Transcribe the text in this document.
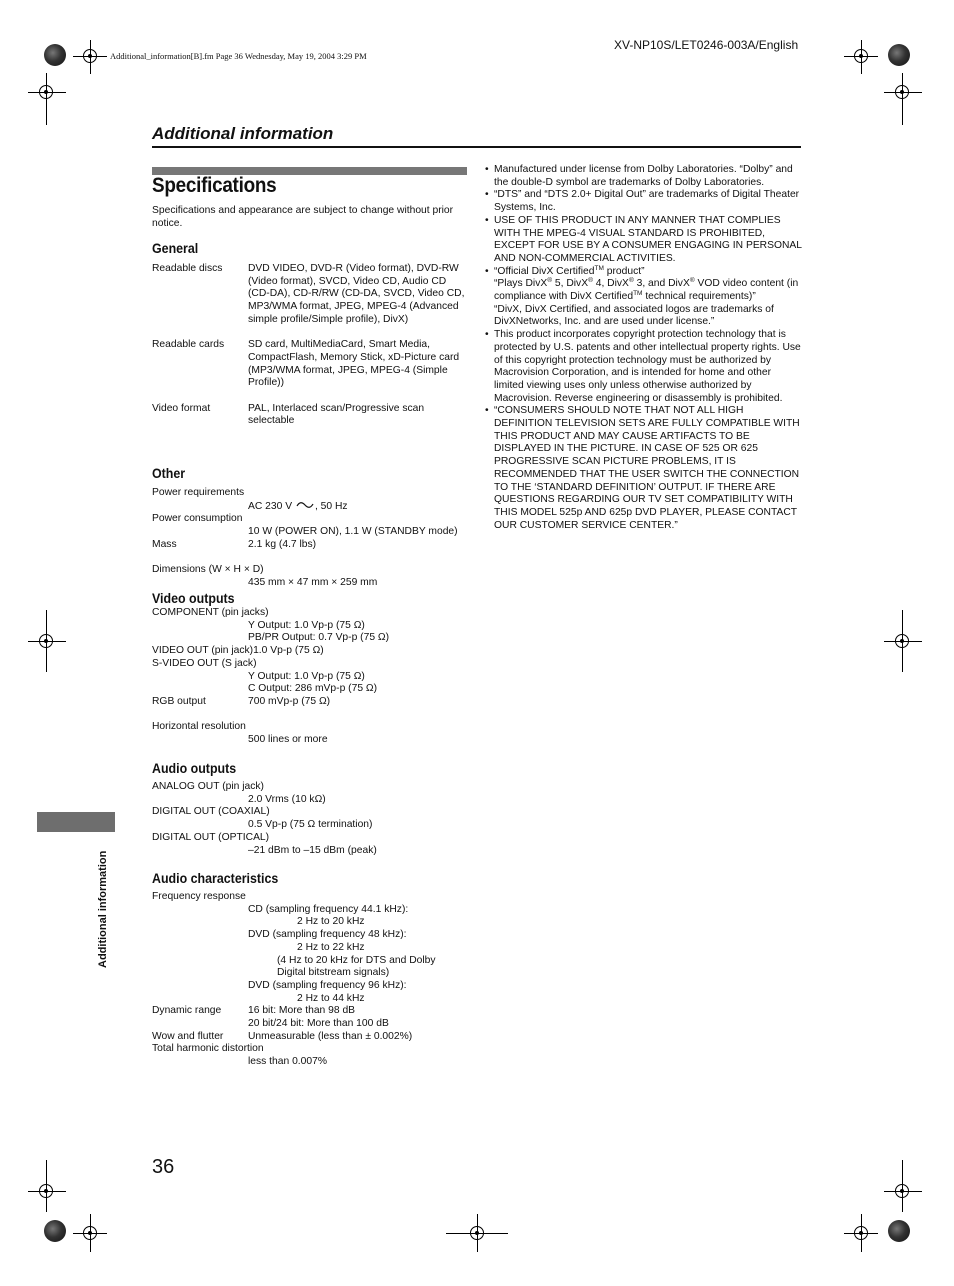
Additional_information[B].fm Page 36 Wednesday, May 19, 2004 3:29 PM
XV-NP10S/LET0246-003A/English
Additional information
Specifications
Specifications and appearance are subject to change without prior notice.
General
Readable discs DVD VIDEO, DVD-R (Video format), DVD-RW (Video format), SVCD, Video CD, Audio CD (CD-DA), CD-R/RW (CD-DA, SVCD, Video CD, MP3/WMA format, JPEG, MPEG-4 (Advanced simple profile/Simple profile), DivX)
Readable cards SD card, MultiMediaCard, Smart Media, CompactFlash, Memory Stick, xD-Picture card
(MP3/WMA format, JPEG, MPEG-4 (Simple Profile))
Video format	PAL, Interlaced scan/Progressive scan selectable
Other
Power requirements
AC 230 V , 50 Hz
Power consumption
10 W (POWER ON), 1.1 W (STANDBY mode)
Mass	2.1 kg (4.7 lbs)
Dimensions (W × H × D)
435 mm × 47 mm × 259 mm
Video outputs
COMPONENT (pin jacks)
Y Output: 1.0 Vp-p (75 Ω)
PB/PR Output: 0.7 Vp-p (75 Ω)
VIDEO OUT (pin jack)1.0 Vp-p (75 Ω)
S-VIDEO OUT (S jack)
Y Output: 1.0 Vp-p (75 Ω)
C Output: 286 mVp-p (75 Ω)
RGB output	700 mVp-p (75 Ω)
Horizontal resolution
500 lines or more
Audio outputs
ANALOG OUT (pin jack)
2.0 Vrms (10 kΩ)
DIGITAL OUT (COAXIAL)
0.5 Vp-p (75 Ω termination)
DIGITAL OUT (OPTICAL)
–21 dBm to –15 dBm (peak)
Audio characteristics
Frequency response
CD (sampling frequency 44.1 kHz):
2 Hz to 20 kHz
DVD (sampling frequency 48 kHz):
2 Hz to 22 kHz
(4 Hz to 20 kHz for DTS and Dolby
Digital bitstream signals)
DVD (sampling frequency 96 kHz):
2 Hz to 44 kHz
Dynamic range	16 bit: More than 98 dB
20 bit/24 bit: More than 100 dB
Wow and flutter Unmeasurable (less than ± 0.002%)
Total harmonic distortion
less than 0.007%
• Manufactured under license from Dolby Laboratories. “Dolby” and the double-D symbol are trademarks of Dolby Laboratories.
• “DTS” and “DTS 2.0+ Digital Out” are trademarks of Digital Theater Systems, Inc.
• USE OF THIS PRODUCT IN ANY MANNER THAT COMPLIES WITH THE MPEG-4 VISUAL STANDARD IS PROHIBITED, EXCEPT FOR USE BY A CONSUMER ENGAGING IN PERSONAL AND NON-COMMERCIAL ACTIVITIES.
• “Official DivX Certified™ product”
“Plays DivX® 5, DivX® 4, DivX® 3, and DivX® VOD video content (in compliance with DivX Certified™ technical requirements)”
“DivX, DivX Certified, and associated logos are trademarks of DivXNetworks, Inc. and are used under license.”
• This product incorporates copyright protection technology that is protected by U.S. patents and other intellectual property rights. Use of this copyright protection technology must be authorized by Macrovision Corporation, and is intended for home and other limited viewing uses only unless otherwise authorized by Macrovision. Reverse engineering or disassembly is prohibited.
• “CONSUMERS SHOULD NOTE THAT NOT ALL HIGH DEFINITION TELEVISION SETS ARE FULLY COMPATIBLE WITH THIS PRODUCT AND MAY CAUSE ARTIFACTS TO BE DISPLAYED IN THE PICTURE. IN CASE OF 525 OR 625 PROGRESSIVE SCAN PICTURE PROBLEMS, IT IS RECOMMENDED THAT THE USER SWITCH THE CONNECTION TO THE ‘STANDARD DEFINITION’ OUTPUT. IF THERE ARE QUESTIONS REGARDING OUR TV SET COMPATIBILITY WITH THIS MODEL 525p AND 625p DVD PLAYER, PLEASE CONTACT OUR CUSTOMER SERVICE CENTER.”
Additional information
36
